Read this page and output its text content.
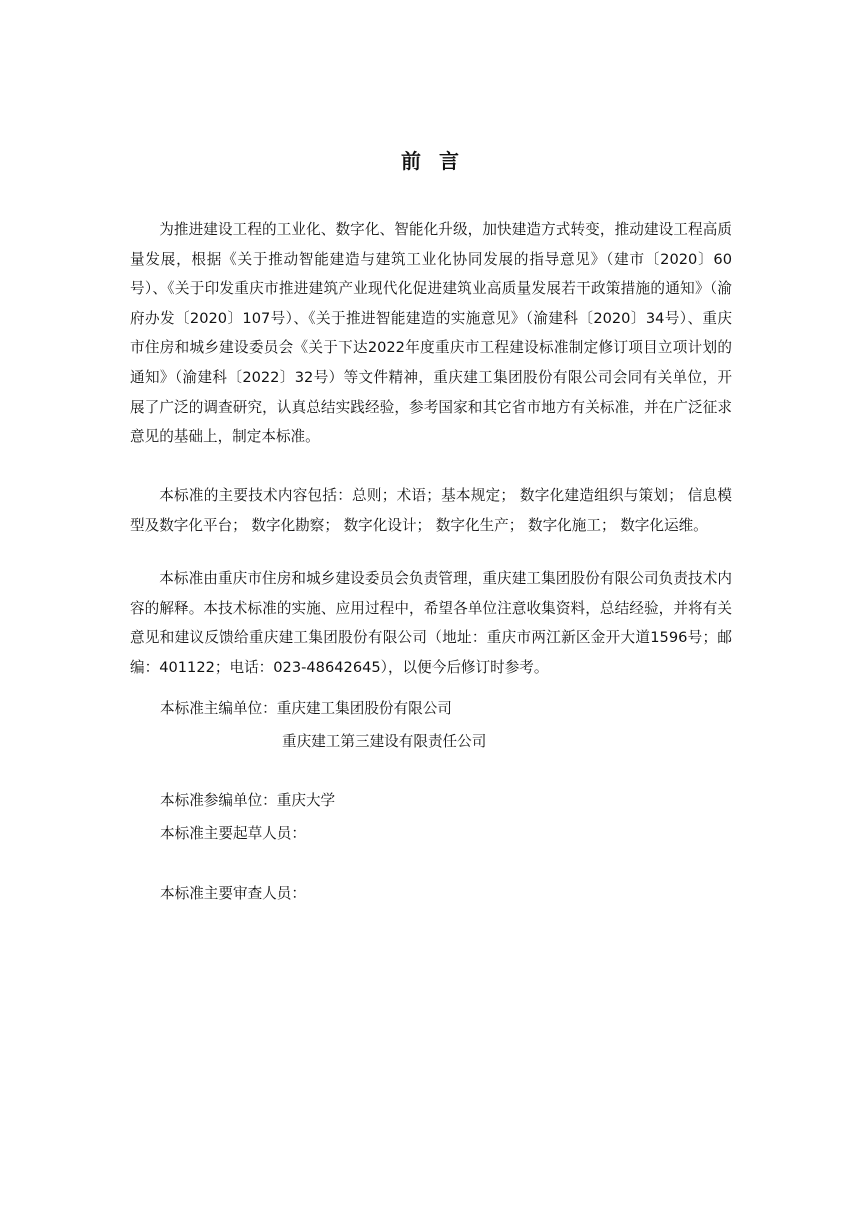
前 言

为推进建设工程的工业化、数字化、智能化升级，加快建造方式转变，推动建设工程高质量发展，根据《关于推动智能建造与建筑工业化协同发展的指导意见》（建市〔2020〕60号）、《关于印发重庆市推进建筑产业现代化促进建筑业高质量发展若干政策措施的通知》（渝府办发〔2020〕107号）、《关于推进智能建造的实施意见》（渝建科〔2020〕34号）、重庆市住房和城乡建设委员会《关于下达2022年度重庆市工程建设标准制定修订项目立项计划的通知》（渝建科〔2022〕32号）等文件精神，重庆建工集团股份有限公司会同有关单位，开展了广泛的调查研究，认真总结实践经验，参考国家和其它省市地方有关标准，并在广泛征求意见的基础上，制定本标准。

本标准的主要技术内容包括：总则；术语；基本规定； 数字化建造组织与策划； 信息模型及数字化平台； 数字化勘察； 数字化设计； 数字化生产； 数字化施工； 数字化运维。

本标准由重庆市住房和城乡建设委员会负责管理，重庆建工集团股份有限公司负责技术内容的解释。本技术标准的实施、应用过程中，希望各单位注意收集资料，总结经验，并将有关意见和建议反馈给重庆建工集团股份有限公司（地址：重庆市两江新区金开大道1596号；邮编：401122；电话：023-48642645），以便今后修订时参考。

本标准主编单位：重庆建工集团股份有限公司
重庆建工第三建设有限责任公司
本标准参编单位：重庆大学
本标准主要起草人员：
本标准主要审查人员：
